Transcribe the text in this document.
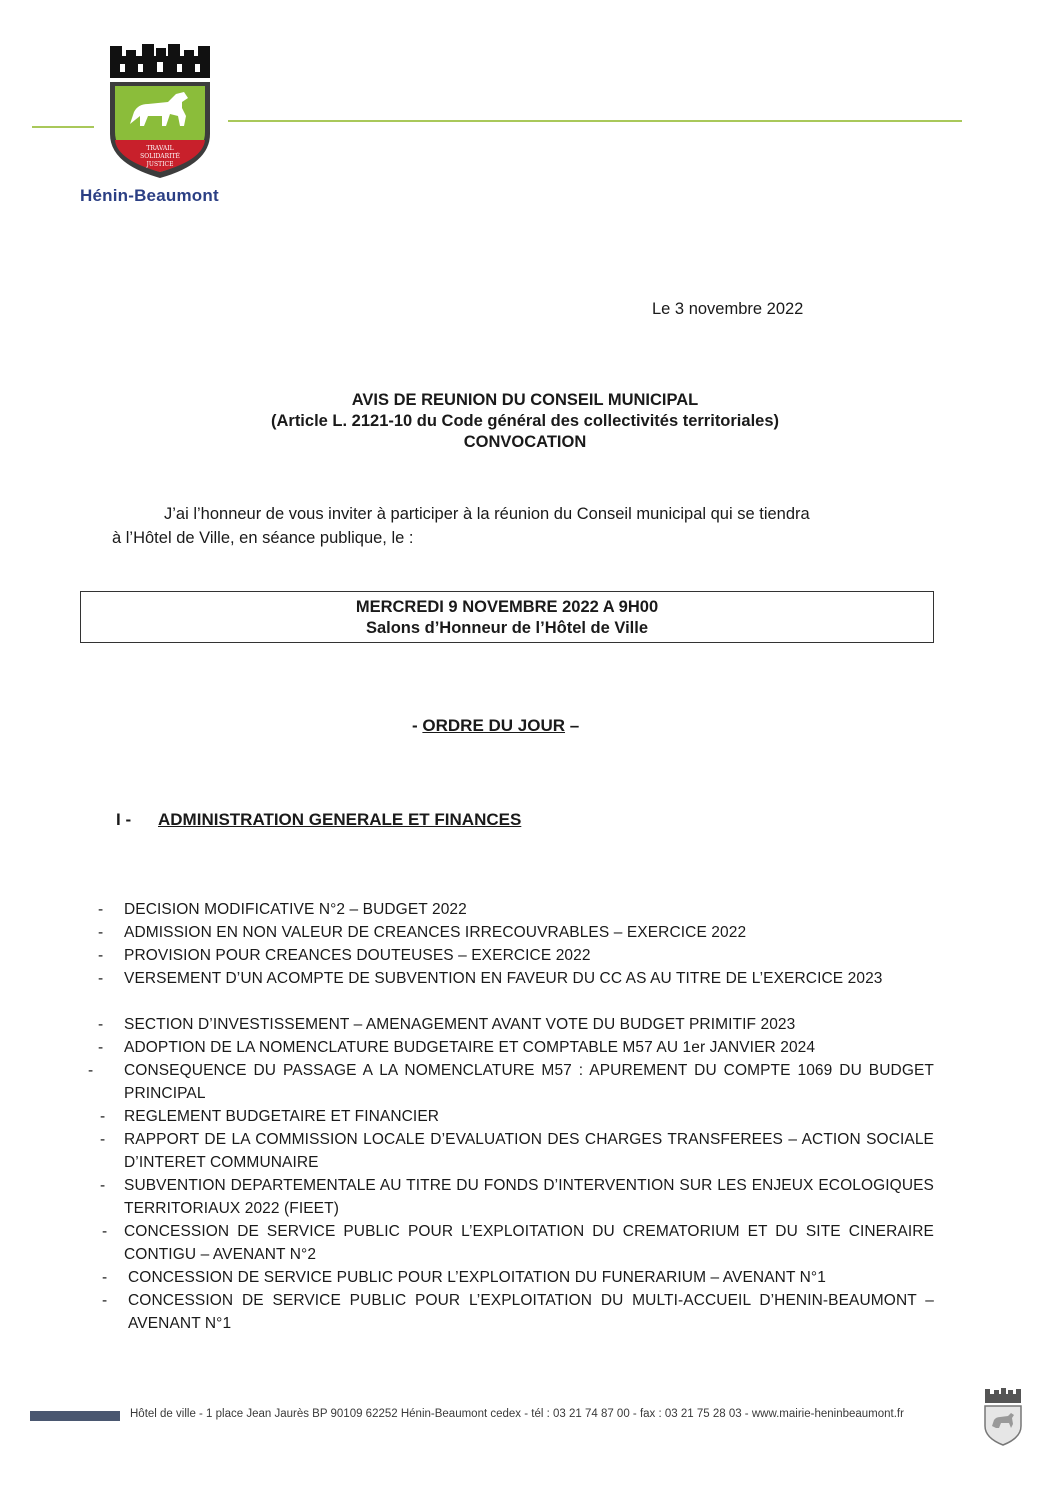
TRAVAIL
SOLIDARITÉ
JUSTICE
Hénin-Beaumont
Le 3 novembre 2022
AVIS DE REUNION DU CONSEIL MUNICIPAL
(Article L. 2121-10 du Code général des collectivités territoriales)
CONVOCATION
J’ai l’honneur de vous inviter à participer à la réunion du Conseil municipal qui se tiendra
à l’Hôtel de Ville, en séance publique, le :
MERCREDI 9 NOVEMBRE 2022 A 9H00
Salons d’Honneur de l’Hôtel de Ville
- ORDRE DU JOUR –
I - ADMINISTRATION GENERALE ET FINANCES
-	DECISION MODIFICATIVE N°2 – BUDGET 2022
-	ADMISSION EN NON VALEUR DE CREANCES IRRECOUVRABLES – EXERCICE 2022
-	PROVISION POUR CREANCES DOUTEUSES – EXERCICE 2022
-	VERSEMENT D’UN ACOMPTE DE SUBVENTION EN FAVEUR DU CC AS AU TITRE DE L’EXERCICE 2023
-	SECTION D’INVESTISSEMENT – AMENAGEMENT AVANT VOTE DU BUDGET PRIMITIF 2023
-	ADOPTION DE LA NOMENCLATURE BUDGETAIRE ET COMPTABLE M57 AU 1er JANVIER 2024
-	CONSEQUENCE DU PASSAGE A LA NOMENCLATURE M57 : APUREMENT DU COMPTE 1069 DU BUDGET PRINCIPAL
-	REGLEMENT BUDGETAIRE ET FINANCIER
-	RAPPORT DE LA COMMISSION LOCALE D’EVALUATION DES CHARGES TRANSFEREES – ACTION SOCIALE D’INTERET COMMUNAIRE
-	SUBVENTION DEPARTEMENTALE AU TITRE DU FONDS D’INTERVENTION SUR LES ENJEUX ECOLOGIQUES TERRITORIAUX 2022 (FIEET)
-	CONCESSION DE SERVICE PUBLIC POUR L’EXPLOITATION DU CREMATORIUM ET DU SITE CINERAIRE CONTIGU – AVENANT N°2
-	CONCESSION DE SERVICE PUBLIC POUR L’EXPLOITATION DU FUNERARIUM – AVENANT N°1
-	CONCESSION DE SERVICE PUBLIC POUR L’EXPLOITATION DU MULTI-ACCUEIL D’HENIN-BEAUMONT – AVENANT N°1
Hôtel de ville - 1 place Jean Jaurès BP 90109 62252 Hénin-Beaumont cedex - tél : 03 21 74 87 00 - fax : 03 21 75 28 03 - www.mairie-heninbeaumont.fr
